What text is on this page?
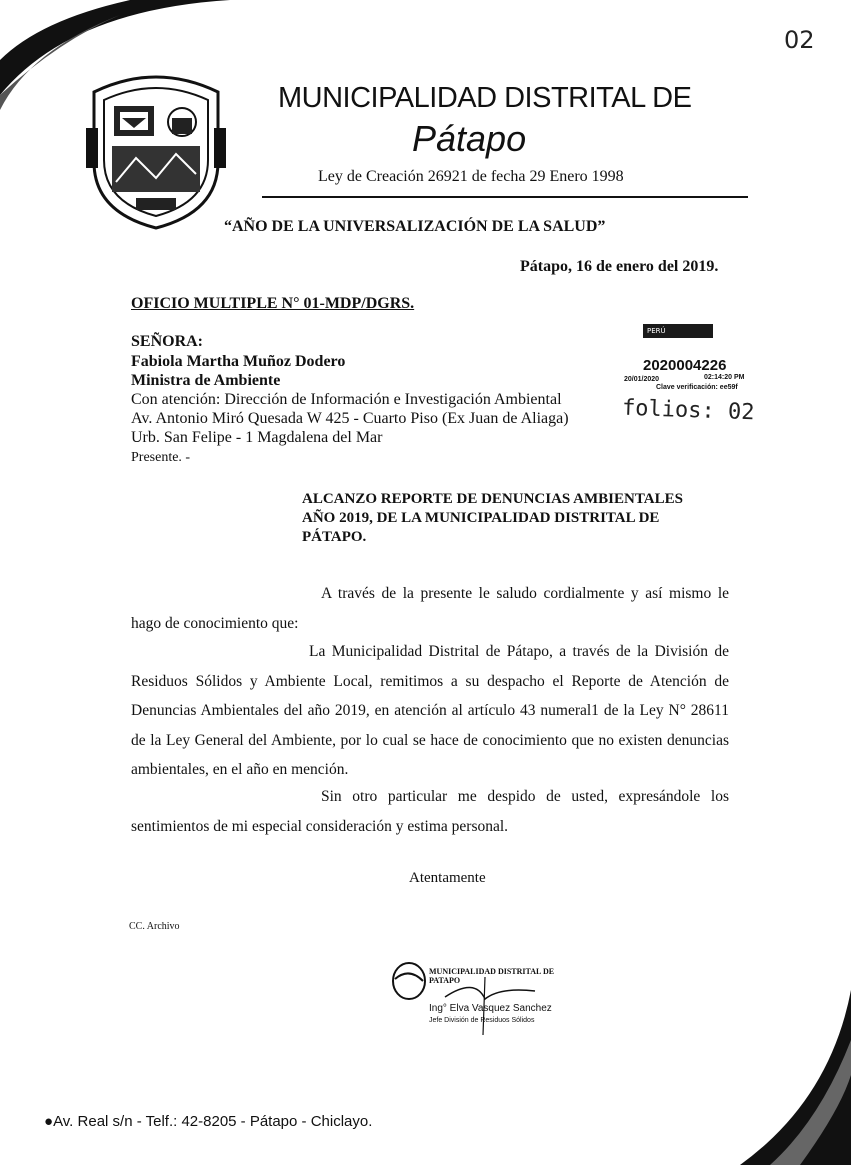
02
MUNICIPALIDAD DISTRITAL DE
Pátapo
Ley de Creación 26921 de fecha 29 Enero 1998
“AÑO DE LA UNIVERSALIZACIÓN DE LA SALUD”
Pátapo, 16 de enero del 2019.
OFICIO MULTIPLE N° 01-MDP/DGRS.
SEÑORA:
Fabiola Martha Muñoz Dodero
Ministra de Ambiente
Con atención: Dirección de Información e Investigación Ambiental
Av. Antonio Miró Quesada W 425 - Cuarto Piso (Ex Juan de Aliaga)
Urb. San Felipe - 1 Magdalena del Mar
Presente. -
PERÚ
2020004226
20/01/2020	02:14:20 PM
Clave verificación: ee59f
folios: 02
ALCANZO REPORTE DE DENUNCIAS AMBIENTALES
AÑO 2019, DE LA MUNICIPALIDAD DISTRITAL DE
PÁTAPO.
A través de la presente le saludo cordialmente y así mismo le hago de conocimiento que:
La Municipalidad Distrital de Pátapo, a través de la División de Residuos Sólidos y Ambiente Local, remitimos a su despacho el Reporte de Atención de Denuncias Ambientales del año 2019, en atención al artículo 43 numeral1 de la Ley N° 28611 de la Ley General del Ambiente, por lo cual se hace de conocimiento que no existen denuncias ambientales, en el año en mención.
Sin otro particular me despido de usted, expresándole los sentimientos de mi especial consideración y estima personal.
Atentamente
CC. Archivo
MUNICIPALIDAD DISTRITAL DE PATAPO
Ing° Elva Vasquez Sanchez
Jefe División de Residuos Sólidos
●Av. Real s/n - Telf.: 42-8205 - Pátapo - Chiclayo.
